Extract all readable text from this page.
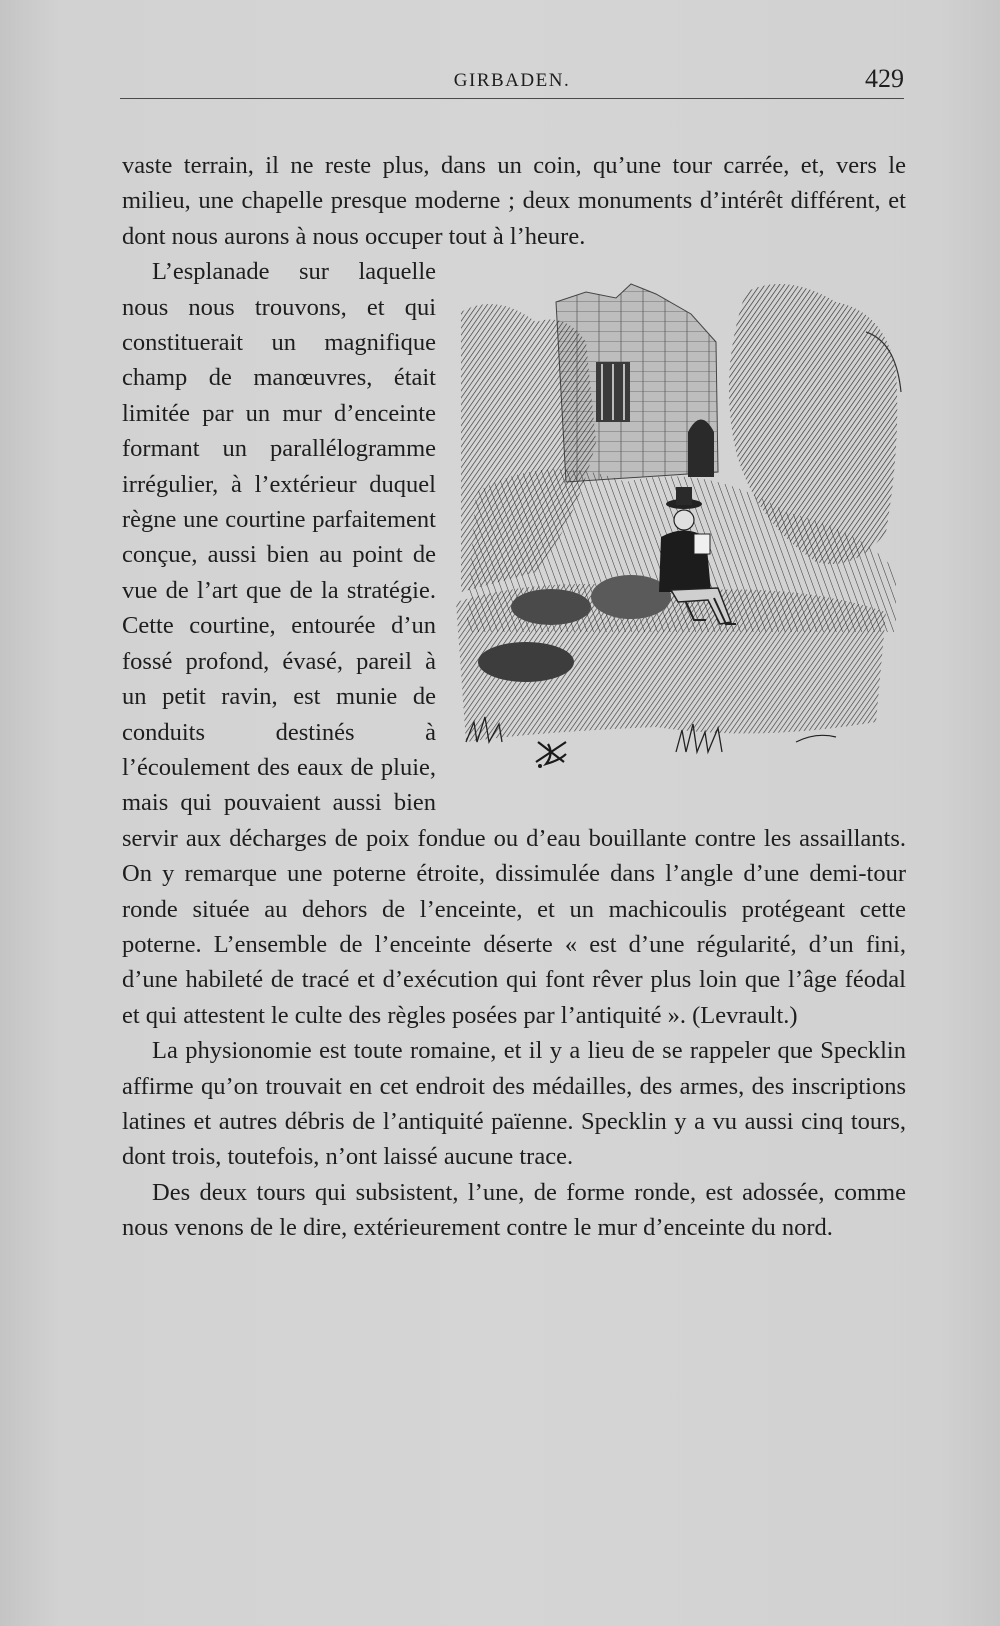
GIRBADEN.	429

vaste terrain, il ne reste plus, dans un coin, qu’une tour carrée, et, vers le milieu, une chapelle presque moderne ; deux monuments d’intérêt différent, et dont nous aurons à nous occuper tout à l’heure.

L’esplanade sur laquelle nous nous trouvons, et qui constituerait un magnifique champ de manœuvres, était limitée par un mur d’enceinte formant un parallélogramme irrégulier, à l’extérieur duquel règne une courtine parfaitement conçue, aussi bien au point de vue de l’art que de la stratégie. Cette courtine, entourée d’un fossé profond, évasé, pareil à un petit ravin, est munie de conduits destinés à l’écoulement des eaux de pluie, mais qui pouvaient aussi bien servir aux décharges de poix fondue ou d’eau bouillante contre les assaillants. On y remarque une poterne étroite, dissimulée dans l’angle d’une demi-tour ronde située au dehors de l’enceinte, et un machicoulis protégeant cette poterne. L’ensemble de l’enceinte déserte « est d’une régularité, d’un fini, d’une habileté de tracé et d’exécution qui font rêver plus loin que l’âge féodal et qui attestent le culte des règles posées par l’antiquité ». (Levrault.)

La physionomie est toute romaine, et il y a lieu de se rappeler que Specklin affirme qu’on trouvait en cet endroit des médailles, des armes, des inscriptions latines et autres débris de l’antiquité païenne. Specklin y a vu aussi cinq tours, dont trois, toutefois, n’ont laissé aucune trace.

Des deux tours qui subsistent, l’une, de forme ronde, est adossée, comme nous venons de le dire, extérieurement contre le mur d’enceinte du nord.
